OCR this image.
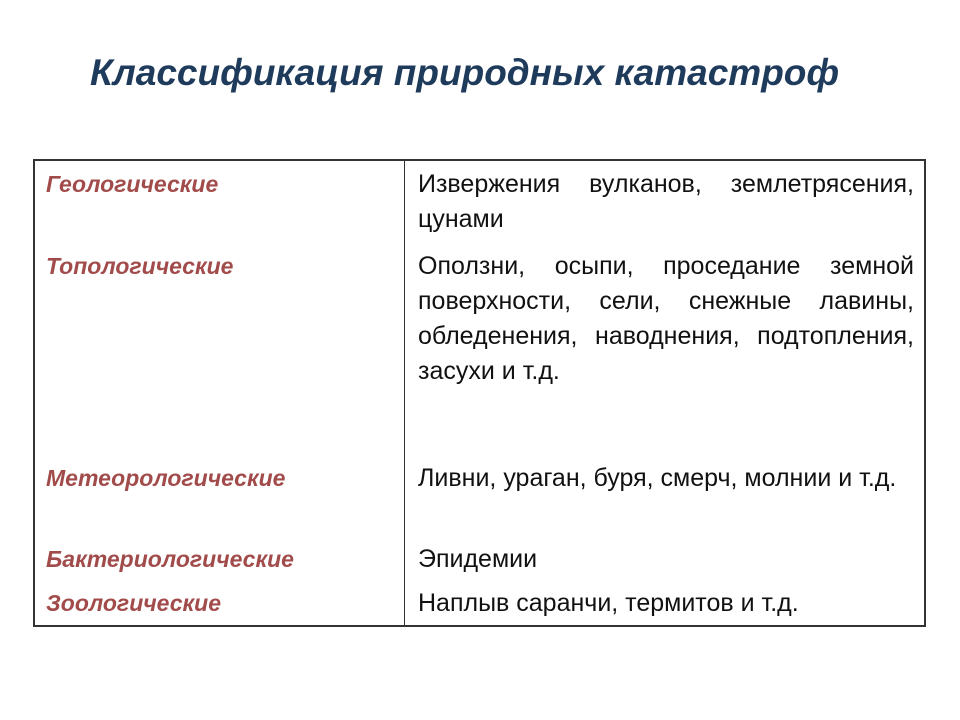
Классификация природных катастроф
Геологические	Извержения вулканов, землетрясения, цунами
Топологические	Оползни, осыпи, проседание земной поверхности, сели, снежные лавины, обледенения, наводнения, подтопления, засухи и т.д.
Метеорологические	Ливни, ураган, буря, смерч, молнии и т.д.
Бактериологические	Эпидемии
Зоологические	Наплыв саранчи, термитов и т.д.
